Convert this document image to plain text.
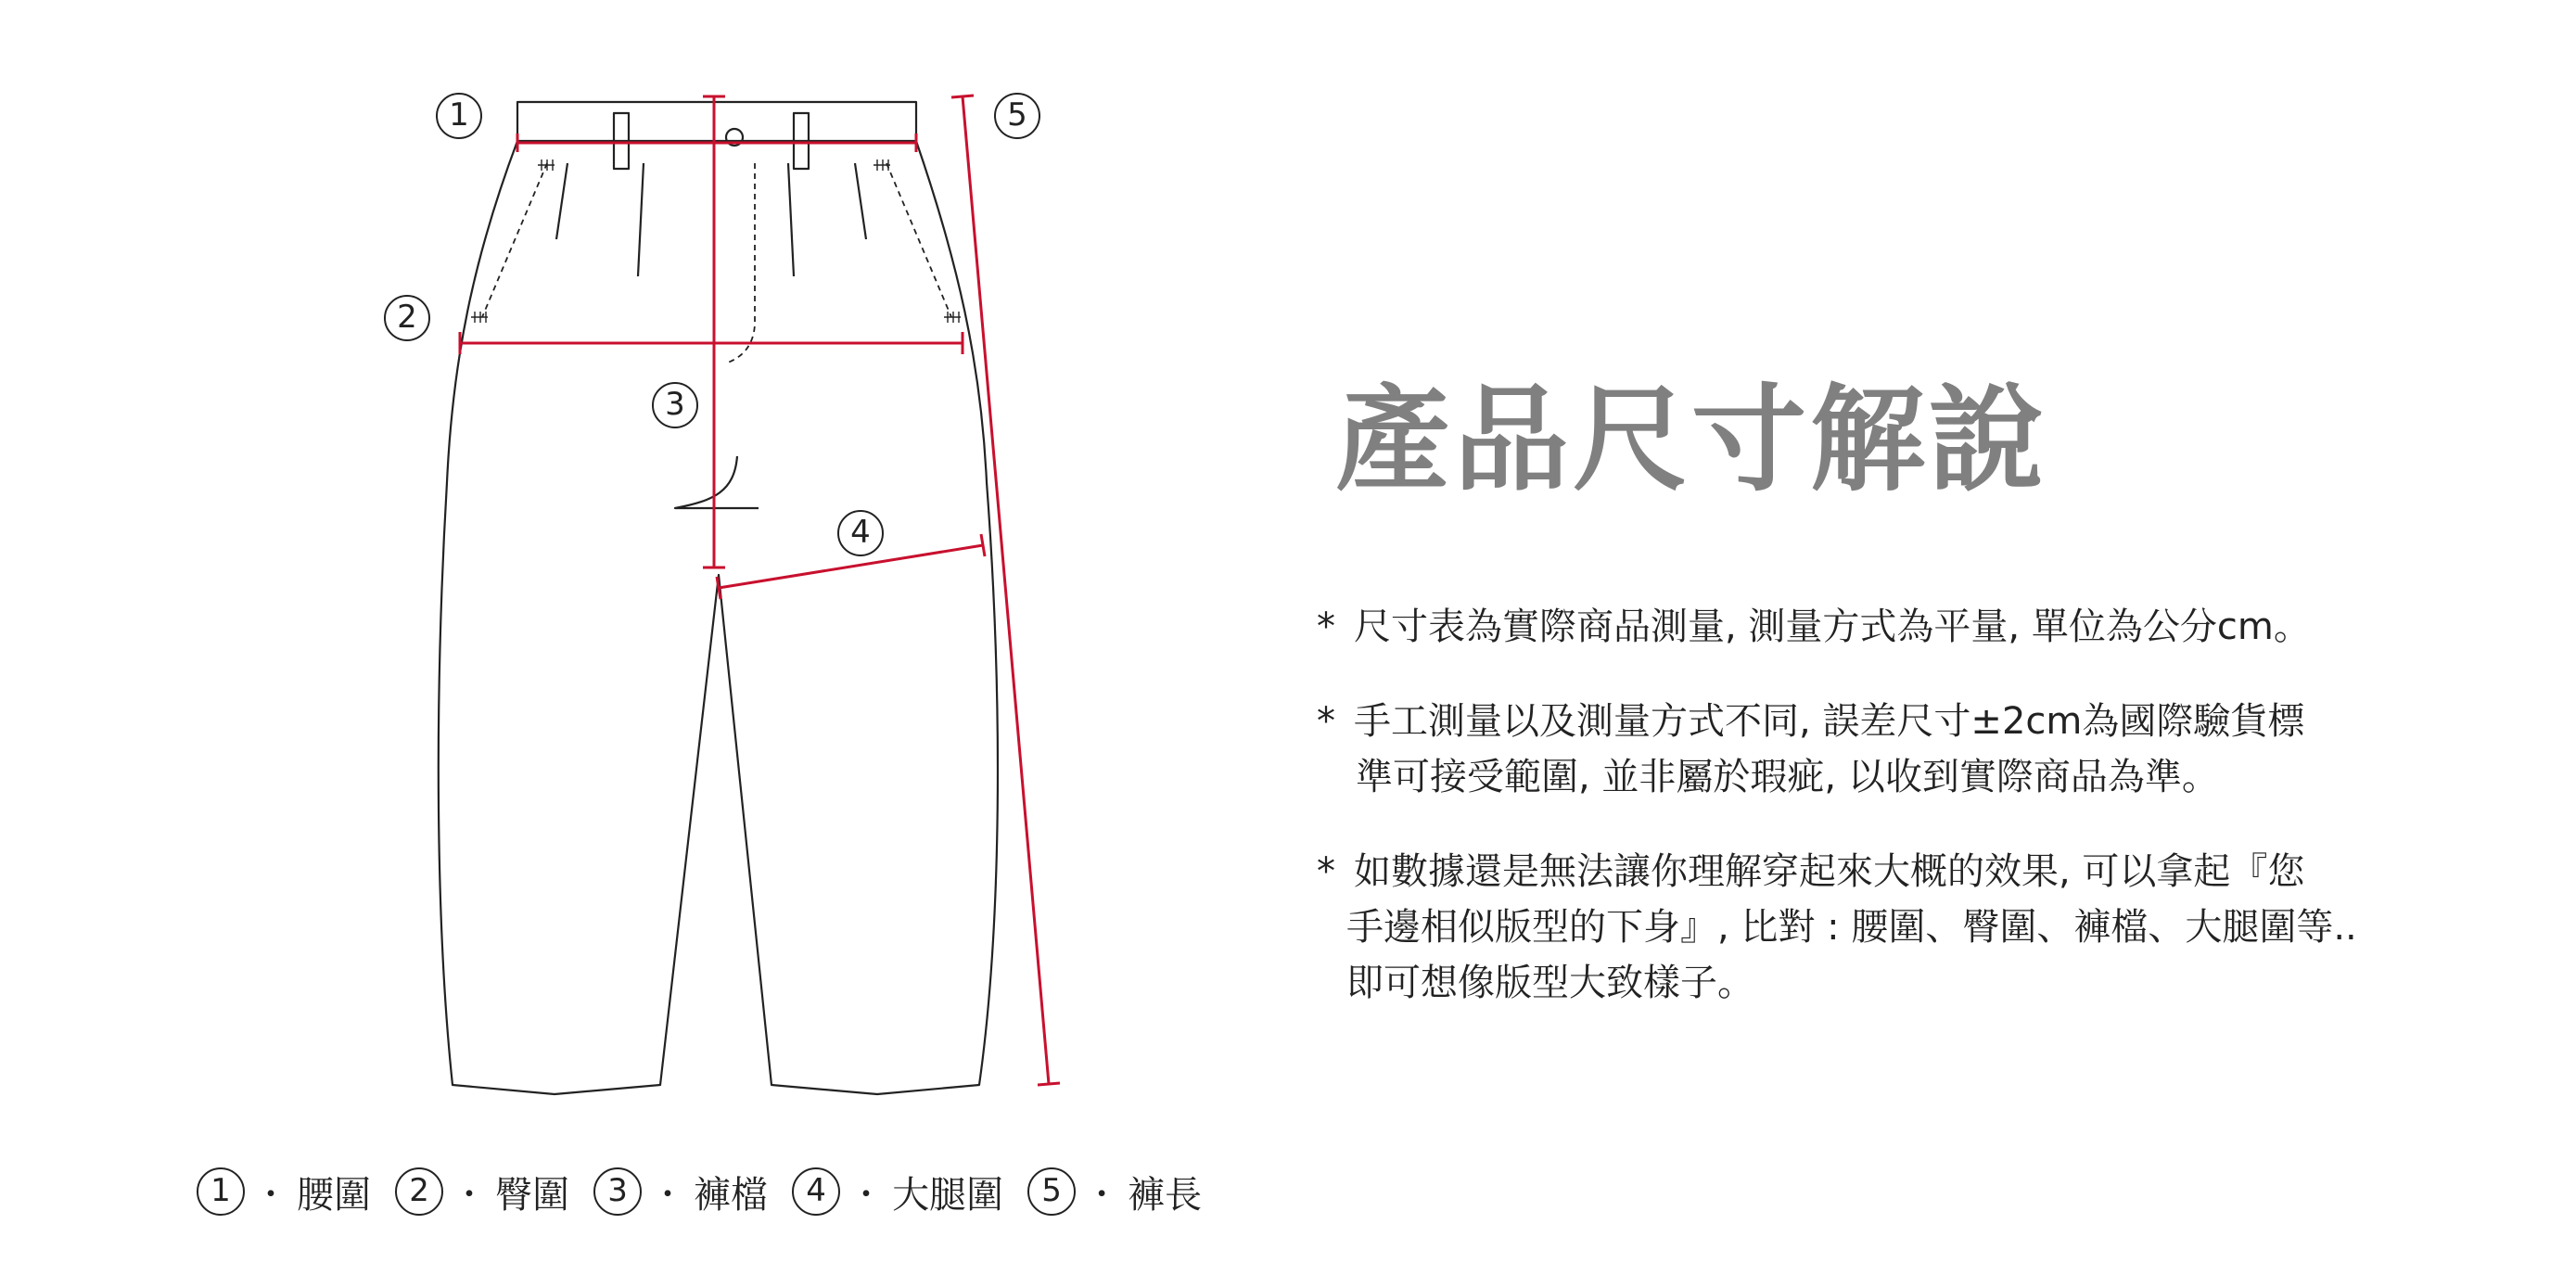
1
2
3
4
5
產品尺寸解說
* 尺寸表為實際商品測量, 測量方式為平量, 單位為公分cm。
* 手工測量以及測量方式不同, 誤差尺寸±2cm為國際驗貨標
準可接受範圍, 並非屬於瑕疵, 以收到實際商品為準。
* 如數據還是無法讓你理解穿起來大概的效果, 可以拿起『您
手邊相似版型的下身』, 比對 : 腰圍、臀圍、褲檔、大腿圍等..
即可想像版型大致樣子。
1 ・ 腰圍	2 ・ 臀圍	3 ・ 褲檔	4 ・ 大腿圍	5 ・ 褲長
